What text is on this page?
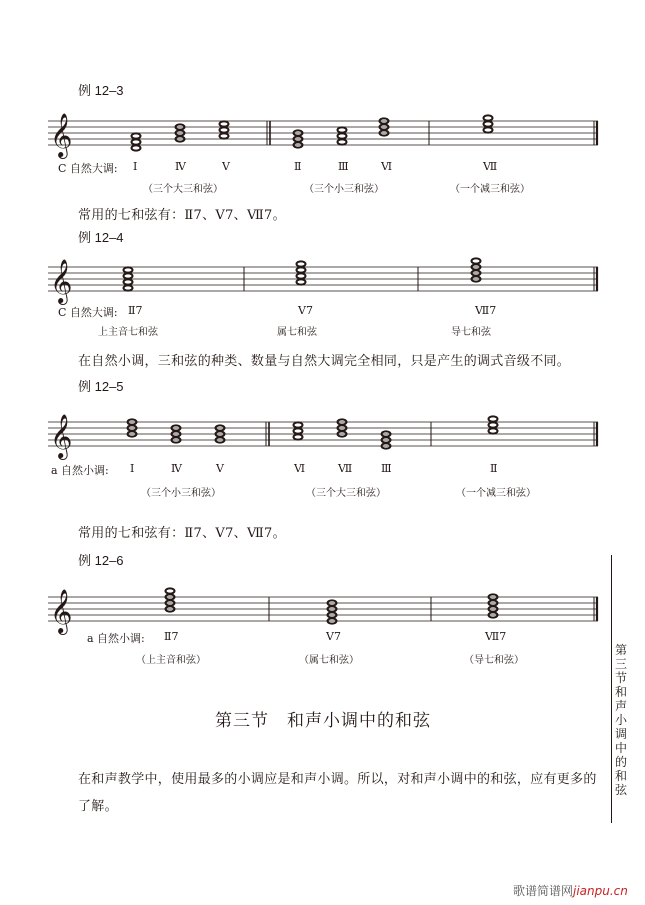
例 12–3
𝄞
C 自然大调: Ⅰ	Ⅳ	Ⅴ	Ⅱ	Ⅲ	Ⅵ	Ⅶ
（三个大三和弦）	（三个小三和弦）	（一个减三和弦）
常用的七和弦有：Ⅱ7、Ⅴ7、Ⅶ7。
例 12–4
𝄞
C 自然大调: Ⅱ7	Ⅴ7	Ⅶ7
上主音七和弦	属七和弦	导七和弦
在自然小调，三和弦的种类、数量与自然大调完全相同，只是产生的调式音级不同。
例 12–5
𝄞
a 自然小调: Ⅰ	Ⅳ	Ⅴ	Ⅵ	Ⅶ	Ⅲ	Ⅱ
（三个小三和弦）	（三个大三和弦）	（一个减三和弦）
常用的七和弦有：Ⅱ7、Ⅴ7、Ⅶ7。
例 12–6
𝄞
a 自然小调: Ⅱ7	Ⅴ7	Ⅶ7
（上主音和弦）	（属七和弦）	（导七和弦）
第三节　和声小调中的和弦
在和声教学中，使用最多的小调应是和声小调。所以，对和声小调中的和弦，应有更多的
了解。
第三节　和声小调中的和弦
歌谱简谱网jianpu.cn
